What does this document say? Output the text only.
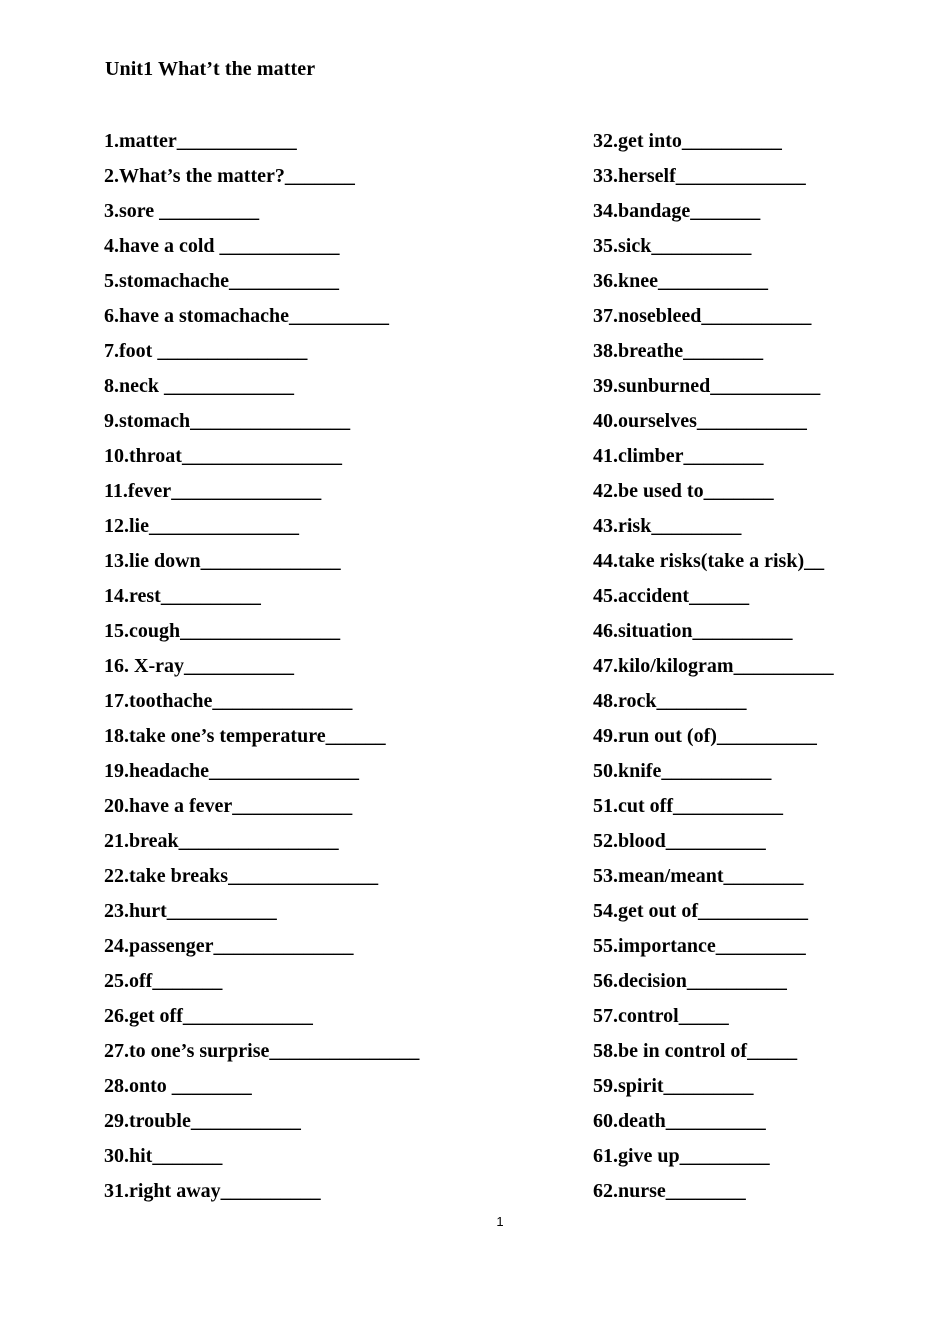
Unit1 What’t the matter
1.matter____________
2.What’s the matter?_______
3.sore __________
4.have a cold ____________
5.stomachache___________
6.have a stomachache__________
7.foot _______________
8.neck _____________
9.stomach________________
10.throat________________
11.fever_______________
12.lie_______________
13.lie down______________
14.rest__________
15.cough________________
16. X-ray___________
17.toothache______________
18.take one’s temperature______
19.headache_______________
20.have a fever____________
21.break________________
22.take breaks_______________
23.hurt___________
24.passenger______________
25.off_______
26.get off_____________
27.to one’s surprise_______________
28.onto ________
29.trouble___________
30.hit_______
31.right away__________
32.get into__________
33.herself_____________
34.bandage_______
35.sick__________
36.knee___________
37.nosebleed___________
38.breathe________
39.sunburned___________
40.ourselves___________
41.climber________
42.be used to_______
43.risk_________
44.take risks(take a risk)__
45.accident______
46.situation__________
47.kilo/kilogram__________
48.rock_________
49.run out (of)__________
50.knife___________
51.cut off___________
52.blood__________
53.mean/meant________
54.get out of___________
55.importance_________
56.decision__________
57.control_____
58.be in control of_____
59.spirit_________
60.death__________
61.give up_________
62.nurse________
1
